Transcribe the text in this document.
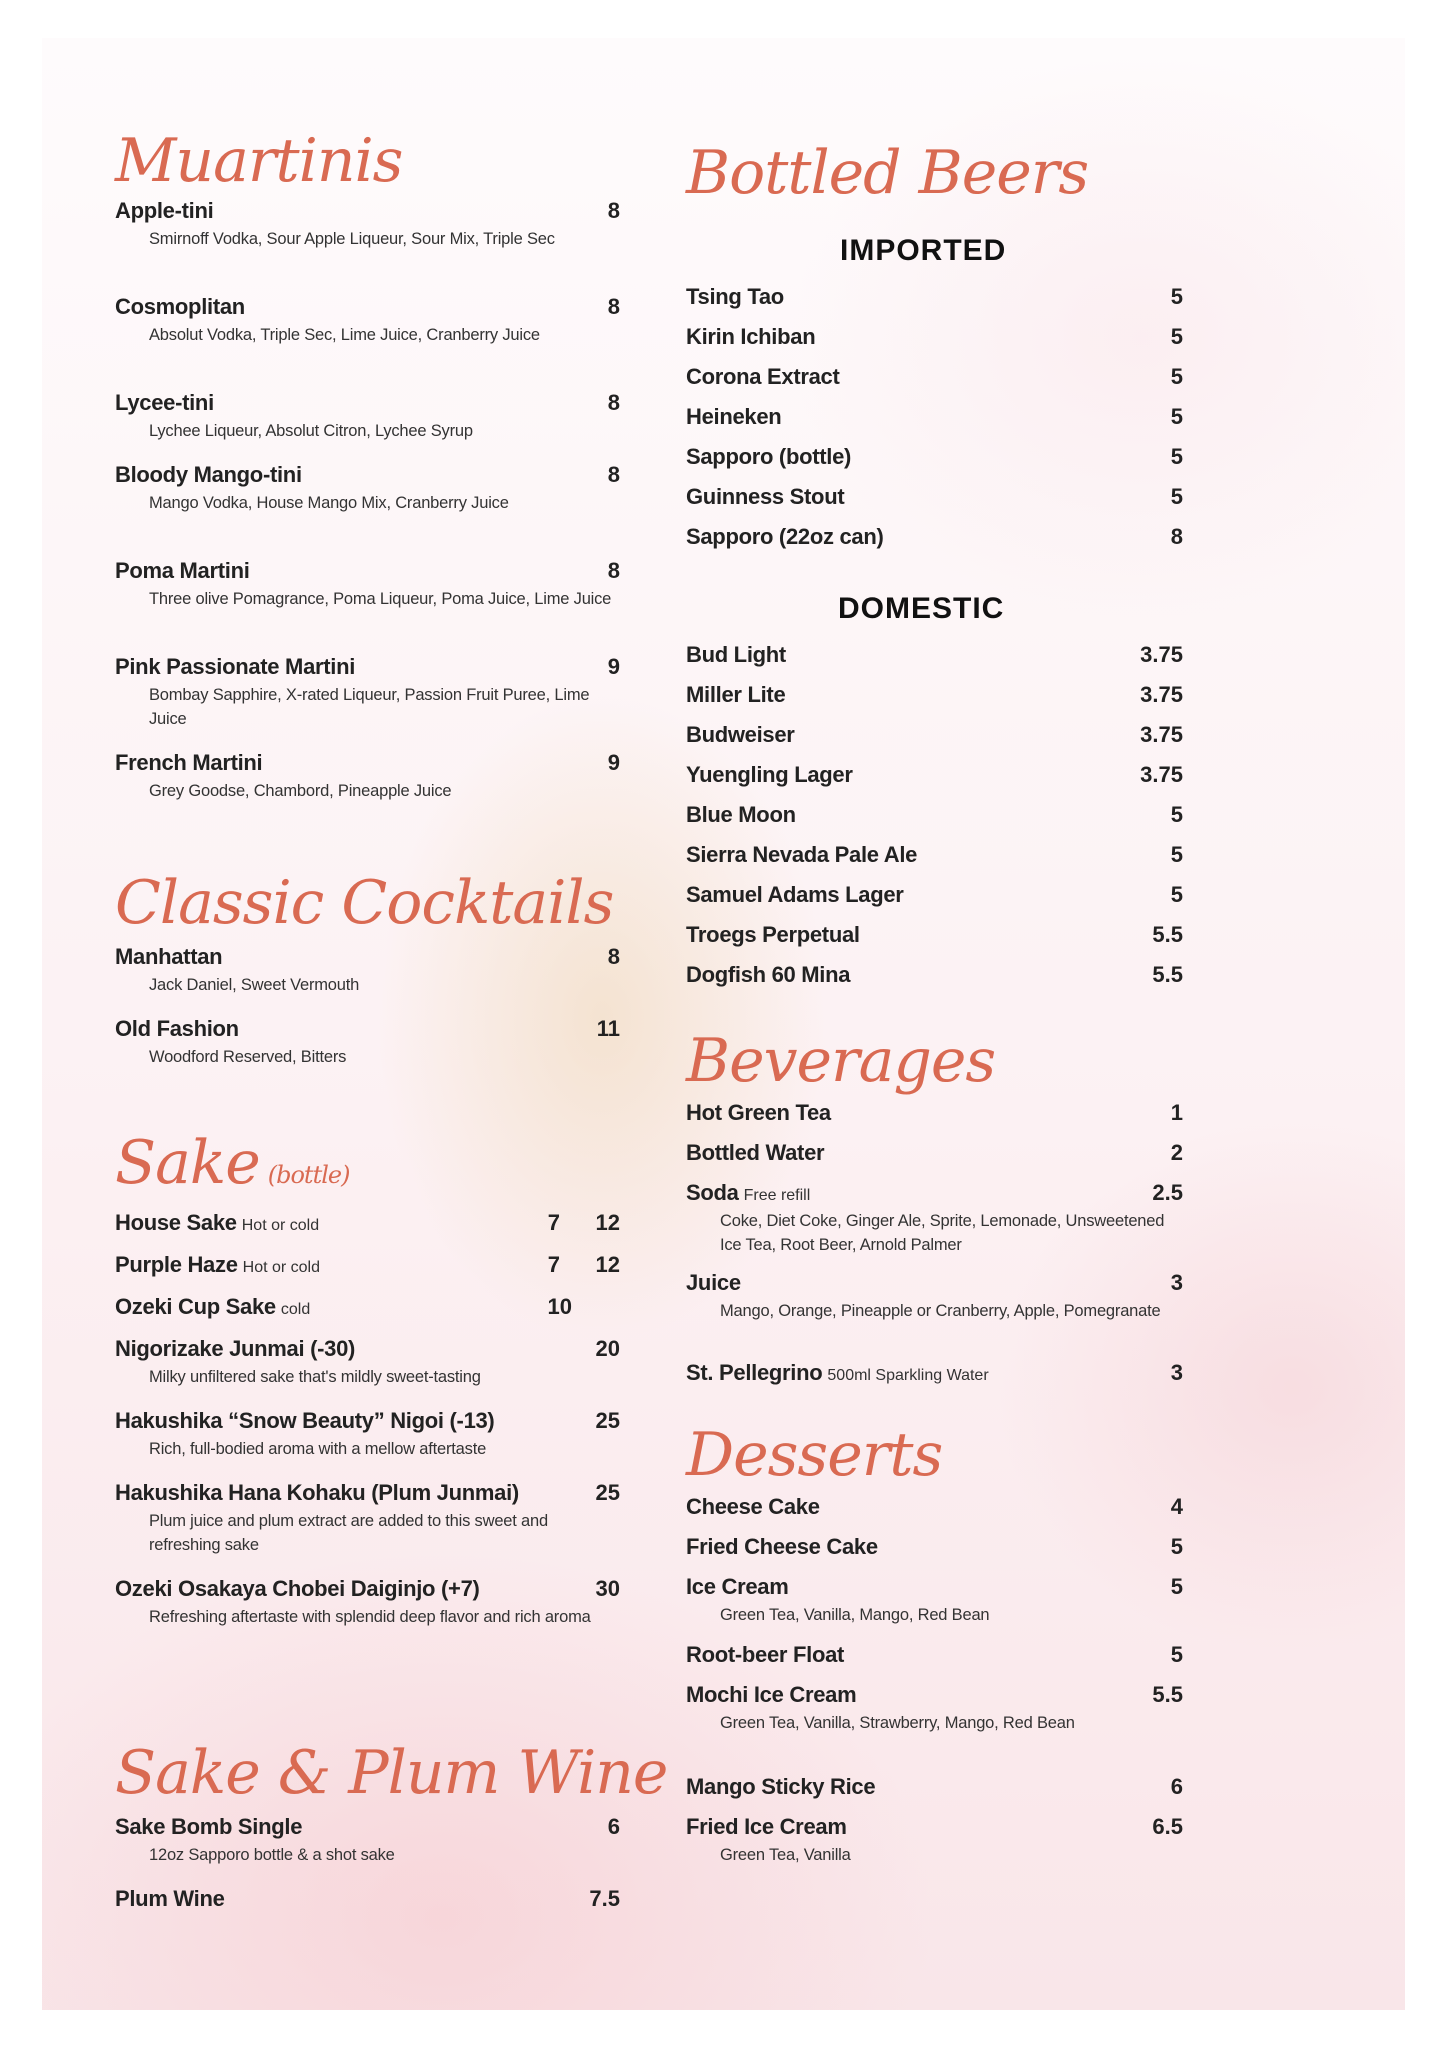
Muartinis
Apple-tini	8
Smirnoff Vodka, Sour Apple Liqueur, Sour Mix, Triple Sec
Cosmoplitan	8
Absolut Vodka, Triple Sec, Lime Juice, Cranberry Juice
Lycee-tini	8
Lychee Liqueur, Absolut Citron, Lychee Syrup
Bloody Mango-tini	8
Mango Vodka, House Mango Mix, Cranberry Juice
Poma Martini	8
Three olive Pomagrance, Poma Liqueur, Poma Juice, Lime Juice
Pink Passionate Martini	9
Bombay Sapphire, X-rated Liqueur, Passion Fruit Puree, Lime Juice
French Martini	9
Grey Goodse, Chambord, Pineapple Juice
Classic Cocktails
Manhattan	8
Jack Daniel, Sweet Vermouth
Old Fashion	11
Woodford Reserved, Bitters
Sake (bottle)
House Sake Hot or cold	7 12
Purple Haze Hot or cold	7 12
Ozeki Cup Sake cold	10
Nigorizake Junmai (-30)	20
Milky unfiltered sake that's mildly sweet-tasting
Hakushika “Snow Beauty” Nigoi (-13)	25
Rich, full-bodied aroma with a mellow aftertaste
Hakushika Hana Kohaku (Plum Junmai)	25
Plum juice and plum extract are added to this sweet and refreshing sake
Ozeki Osakaya Chobei Daiginjo (+7)	30
Refreshing aftertaste with splendid deep flavor and rich aroma
Sake & Plum Wine
Sake Bomb Single	6
12oz Sapporo bottle & a shot sake
Plum Wine	7.5
Bottled Beers
IMPORTED
Tsing Tao	5
Kirin Ichiban	5
Corona Extract	5
Heineken	5
Sapporo (bottle)	5
Guinness Stout	5
Sapporo (22oz can)	8
DOMESTIC
Bud Light	3.75
Miller Lite	3.75
Budweiser	3.75
Yuengling Lager	3.75
Blue Moon	5
Sierra Nevada Pale Ale	5
Samuel Adams Lager	5
Troegs Perpetual	5.5
Dogfish 60 Mina	5.5
Beverages
Hot Green Tea	1
Bottled Water	2
Soda Free refill	2.5
Coke, Diet Coke, Ginger Ale, Sprite, Lemonade, Unsweetened Ice Tea, Root Beer, Arnold Palmer
Juice	3
Mango, Orange, Pineapple or Cranberry, Apple, Pomegranate
St. Pellegrino 500ml Sparkling Water	3
Desserts
Cheese Cake	4
Fried Cheese Cake	5
Ice Cream	5
Green Tea, Vanilla, Mango, Red Bean
Root-beer Float	5
Mochi Ice Cream	5.5
Green Tea, Vanilla, Strawberry, Mango, Red Bean
Mango Sticky Rice	6
Fried Ice Cream	6.5
Green Tea, Vanilla
